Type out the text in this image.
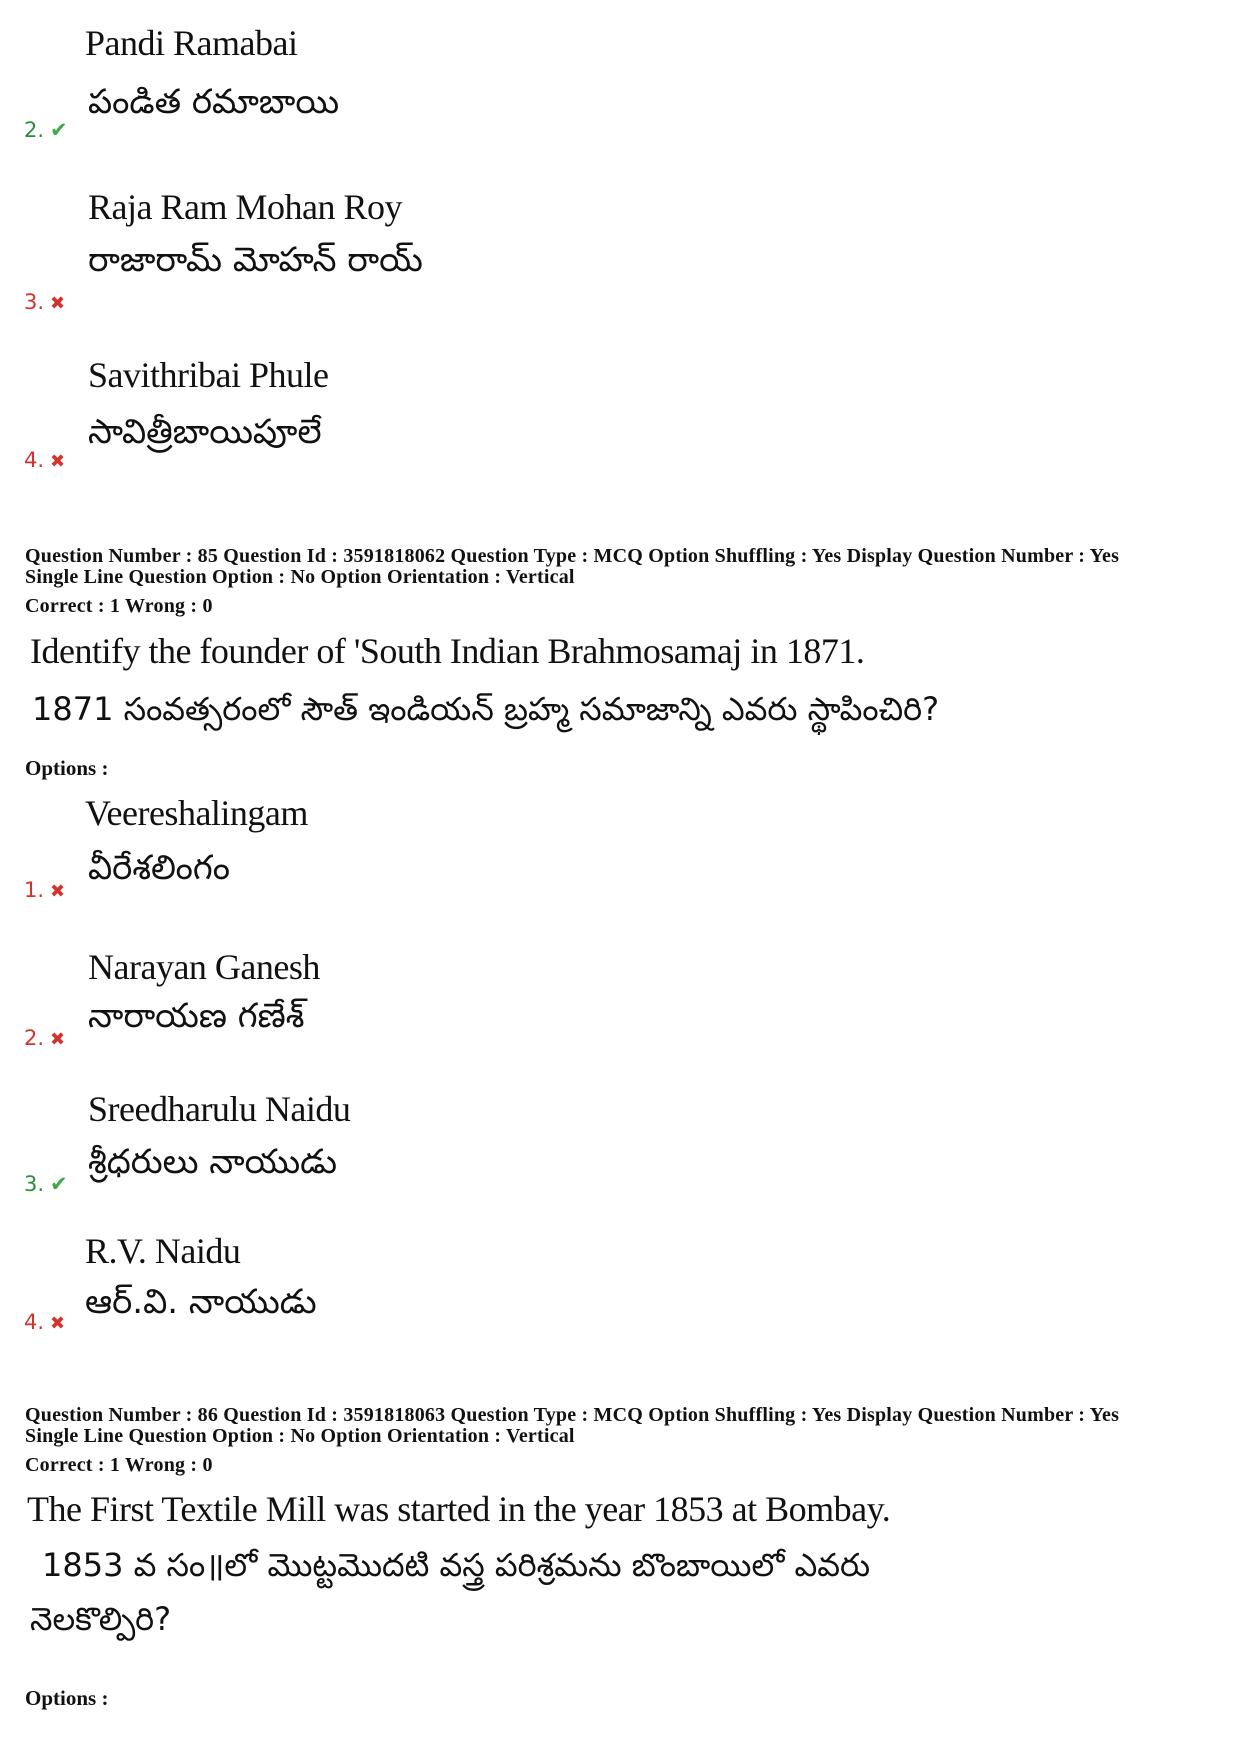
Pandi Ramabai
పండిత రమాబాయి
2. ✔
Raja Ram Mohan Roy
రాజారామ్ మోహన్ రాయ్
3. ✖
Savithribai Phule
సావిత్రీబాయిపూలే
4. ✖
Question Number : 85 Question Id : 3591818062 Question Type : MCQ Option Shuffling : Yes Display Question Number : Yes
Single Line Question Option : No Option Orientation : Vertical
Correct : 1 Wrong : 0
Identify the founder of 'South Indian Brahmosamaj in 1871.
1871 సంవత్సరంలో సౌత్ ఇండియన్ బ్రహ్మ సమాజాన్ని ఎవరు స్థాపించిరి?
Options :
Veereshalingam
వీరేశలింగం
1. ✖
Narayan Ganesh
నారాయణ గణేశ్
2. ✖
Sreedharulu Naidu
శ్రీధరులు నాయుడు
3. ✔
R.V. Naidu
ఆర్.వి. నాయుడు
4. ✖
Question Number : 86 Question Id : 3591818063 Question Type : MCQ Option Shuffling : Yes Display Question Number : Yes
Single Line Question Option : No Option Orientation : Vertical
Correct : 1 Wrong : 0
The First Textile Mill was started in the year 1853 at Bombay.
1853 వ సం॥లో మొట్టమొదటి వస్త్ర పరిశ్రమను బొంబాయిలో ఎవరు
నెలకొల్పిరి?
Options :
